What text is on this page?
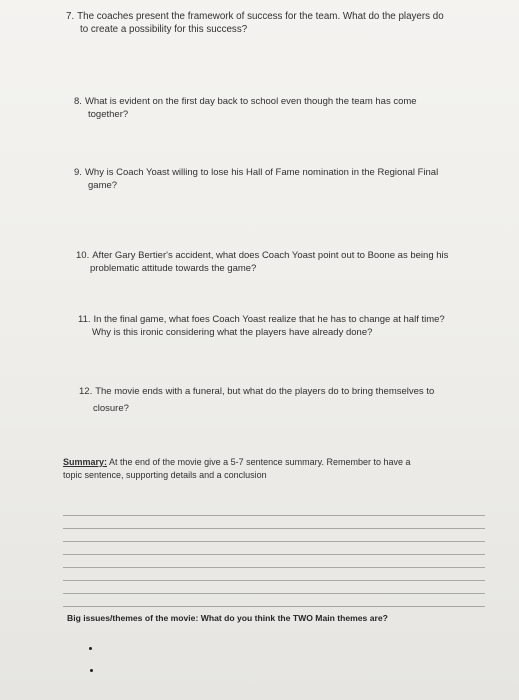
7. The coaches present the framework of success for the team. What do the players do
to create a possibility for this success?
8. What is evident on the first day back to school even though the team has come
together?
9. Why is Coach Yoast willing to lose his Hall of Fame nomination in the Regional Final
game?
10. After Gary Bertier's accident, what does Coach Yoast point out to Boone as being his
problematic attitude towards the game?
11. In the final game, what foes Coach Yoast realize that he has to change at half time?
Why is this ironic considering what the players have already done?
12. The movie ends with a funeral, but what do the players do to bring themselves to
closure?
Summary: At the end of the movie give a 5-7 sentence summary. Remember to have a
topic sentence, supporting details and a conclusion
Big issues/themes of the movie: What do you think the TWO Main themes are?
